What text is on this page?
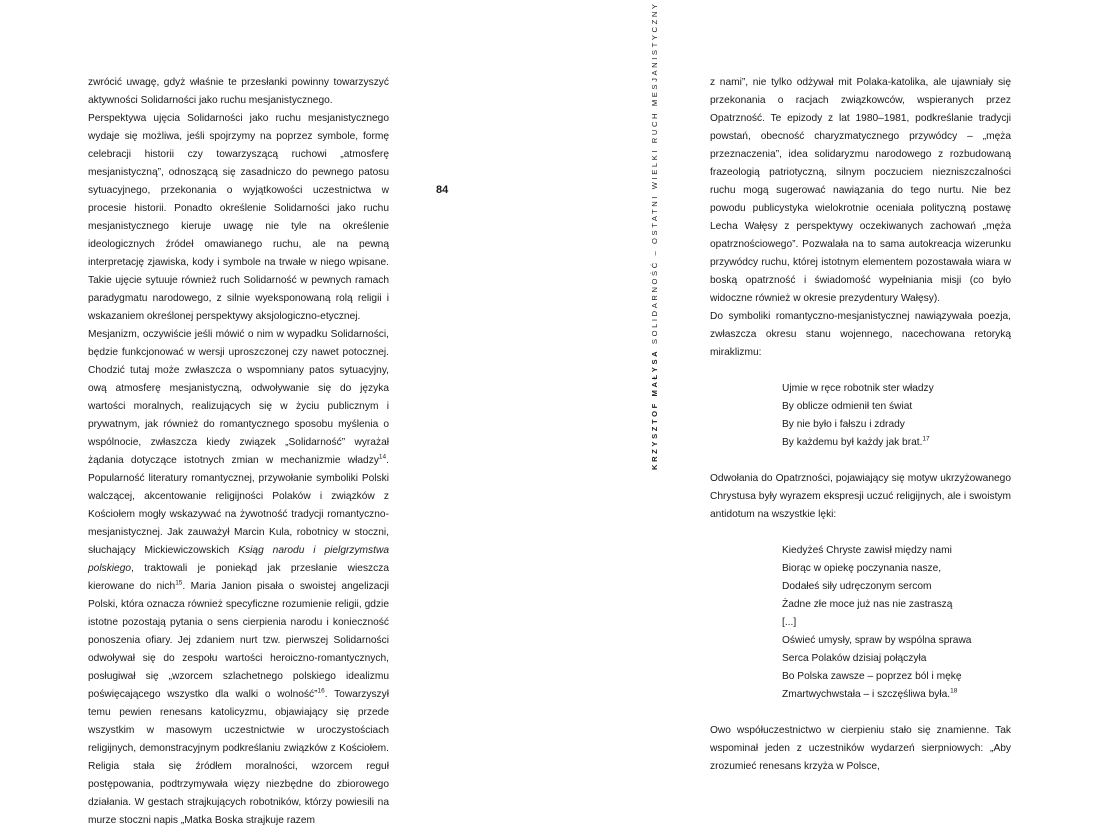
zwrócić uwagę, gdyż właśnie te przesłanki powinny towarzyszyć aktywności Solidarności jako ruchu mesjanistycznego.

Perspektywa ujęcia Solidarności jako ruchu mesjanistycznego wydaje się możliwa, jeśli spojrzymy na poprzez symbole, formę celebracji historii czy towarzyszącą ruchowi „atmosferę mesjanistyczną”, odnoszącą się zasadniczo do pewnego patosu sytuacyjnego, przekonania o wyjątkowości uczestnictwa w procesie historii. Ponadto określenie Solidarności jako ruchu mesjanistycznego kieruje uwagę nie tyle na określenie ideologicznych źródeł omawianego ruchu, ale na pewną interpretację zjawiska, kody i symbole na trwałe w niego wpisane. Takie ujęcie sytuuje również ruch Solidarność w pewnych ramach paradygmatu narodowego, z silnie wyeksponowaną rolą religii i wskazaniem określonej perspektywy aksjologiczno-etycznej.

Mesjanizm, oczywiście jeśli mówić o nim w wypadku Solidarności, będzie funkcjonować w wersji uproszczonej czy nawet potocznej. Chodzić tutaj może zwłaszcza o wspomniany patos sytuacyjny, ową atmosferę mesjanistyczną, odwoływanie się do języka wartości moralnych, realizujących się w życiu publicznym i prywatnym, jak również do romantycznego sposobu myślenia o wspólnocie, zwłaszcza kiedy związek „Solidarność” wyrażał żądania dotyczące istotnych zmian w mechanizmie władzy$^{14}$. Popularność literatury romantycznej, przywołanie symboliki Polski walczącej, akcentowanie religijności Polaków i związków z Kościołem mogły wskazywać na żywotność tradycji romantyczno-mesjanistycznej. Jak zauważył Marcin Kula, robotnicy w stoczni, słuchający Mickiewiczowskich Ksiąg narodu i pielgrzymstwa polskiego, traktowali je poniekąd jak przesłanie wieszcza kierowane do nich$^{15}$. Maria Janion pisała o swoistej angelizacji Polski, która oznacza również specyficzne rozumienie religii, gdzie istotne pozostają pytania o sens cierpienia narodu i konieczność ponoszenia ofiary. Jej zdaniem nurt tzw. pierwszej Solidarności odwoływał się do zespołu wartości heroiczno-romantycznych, posługiwał się „wzorcem szlachetnego polskiego idealizmu poświęcającego wszystko dla walki o wolność”$^{16}$. Towarzyszył temu pewien renesans katolicyzmu, objawiający się przede wszystkim w masowym uczestnictwie w uroczystościach religijnych, demonstracyjnym podkreślaniu związków z Kościołem. Religia stała się źródłem moralności, wzorcem reguł postępowania, podtrzymywała więzy niezbędne do zbiorowego działania. W gestach strajkujących robotników, którzy powiesili na murze stoczni napis „Matka Boska strajkuje razem

84
KRZYSZTOF MAŁYSA SOLIDARNOŚĆ – OSTATNI WIELKI RUCH MESJANISTYCZNY	z nami”, nie tylko odżywał mit Polaka-katolika, ale ujawniały się przekonania o racjach związkowców, wspieranych przez Opatrzność. Te epizody z lat 1980–1981, podkreślanie tradycji powstań, obecność charyzmatycznego przywódcy – „męża przeznaczenia”, idea solidaryzmu narodowego z rozbudowaną frazeologią patriotyczną, silnym poczuciem niezniszczalności ruchu mogą sugerować nawiązania do tego nurtu. Nie bez powodu publicystyka wielokrotnie oceniała polityczną postawę Lecha Wałęsy z perspektywy oczekiwanych zachowań „męża opatrznościowego”. Pozwalała na to sama autokreacja wizerunku przywódcy ruchu, której istotnym elementem pozostawała wiara w boską opatrzność i świadomość wypełniania misji (co było widoczne również w okresie prezydentury Wałęsy).

Do symboliki romantyczno-mesjanistycznej nawiązywała poezja, zwłaszcza okresu stanu wojennego, nacechowana retoryką miraklizmu:

Ujmie w ręce robotnik ster władzy
By oblicze odmienił ten świat
By nie było i fałszu i zdrady
By każdemu był każdy jak brat.$^{17}$

Odwołania do Opatrzności, pojawiający się motyw ukrzyżowanego Chrystusa były wyrazem ekspresji uczuć religijnych, ale i swoistym antidotum na wszystkie lęki:

Kiedyżeś Chryste zawisł między nami
Biorąc w opiekę poczynania nasze,
Dodałeś siły udręczonym sercom
Żadne złe moce już nas nie zastraszą
[...]
Oświeć umysły, spraw by wspólna sprawa
Serca Polaków dzisiaj połączyła
Bo Polska zawsze – poprzez ból i mękę
Zmartwychwstała – i szczęśliwa była.$^{18}$

Owo współuczestnictwo w cierpieniu stało się znamienne. Tak wspominał jeden z uczestników wydarzeń sierpniowych: „Aby zrozumieć renesans krzyża w Polsce,
